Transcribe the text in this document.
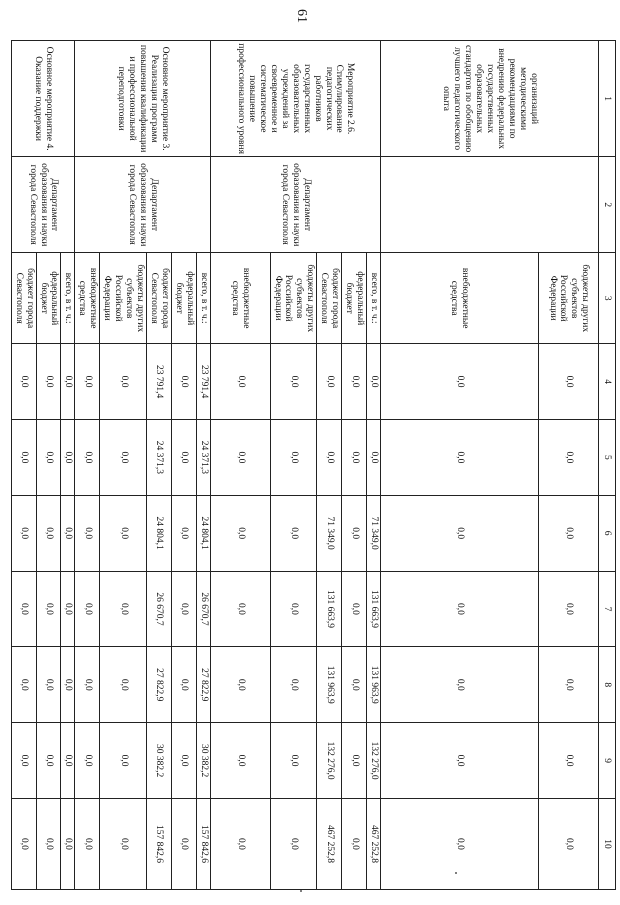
61
1	2	3	4	5	6	7	8	9	10
организаций методическими рекомендациями по внедрению федеральных государственных образовательных стандартов по обобщению лучшего педагогического опыта		бюджеты других субъектов Российской Федерации	0,0	0,0	0,0	0,0	0,0	0,0	0,0
		внебюджетные средства	0,0	0,0	0,0	0,0	0,0	0,0	0,0
Мероприятие 2.6. Стимулирование педагогических работников государственных образовательных учреждений за своевременное и систематическое повышение профессионального уровня	Департамент образования и науки города Севастополя	всего, в т. ч.:	0,0	0,0	71 349,0	131 663,9	131 963,9	132 276,0	467 252,8
		федеральный бюджет	0,0	0,0	0,0	0,0	0,0	0,0	0,0
		бюджет города Севастополя	0,0	0,0	71 349,0	131 663,9	131 963,9	132 276,0	467 252,8
		бюджеты других субъектов Российской Федерации	0,0	0,0	0,0	0,0	0,0	0,0	0,0
		внебюджетные средства	0,0	0,0	0,0	0,0	0,0	0,0	0,0
Основное мероприятие 3. Реализация программ повышения квалификации и профессиональной переподготовки	Департамент образования и науки города Севастополя	всего, в т. ч.:	23 791,4	24 371,3	24 804,1	26 670,7	27 822,9	30 382,2	157 842,6
		федеральный бюджет	0,0	0,0	0,0	0,0	0,0	0,0	0,0
		бюджет города Севастополя	23 791,4	24 371,3	24 804,1	26 670,7	27 822,9	30 382,2	157 842,6
		бюджеты других субъектов Российской Федерации	0,0	0,0	0,0	0,0	0,0	0,0	0,0
		внебюджетные средства	0,0	0,0	0,0	0,0	0,0	0,0	0,0
Основное мероприятие 4. Оказание поддержки	Департамент образования и науки города Севастополя	всего, в т. ч.:	0,0	0,0	0,0	0,0	0,0	0,0	0,0
		федеральный бюджет	0,0	0,0	0,0	0,0	0,0	0,0	0,0
		бюджет города Севастополя	0,0	0,0	0,0	0,0	0,0	0,0	0,0
